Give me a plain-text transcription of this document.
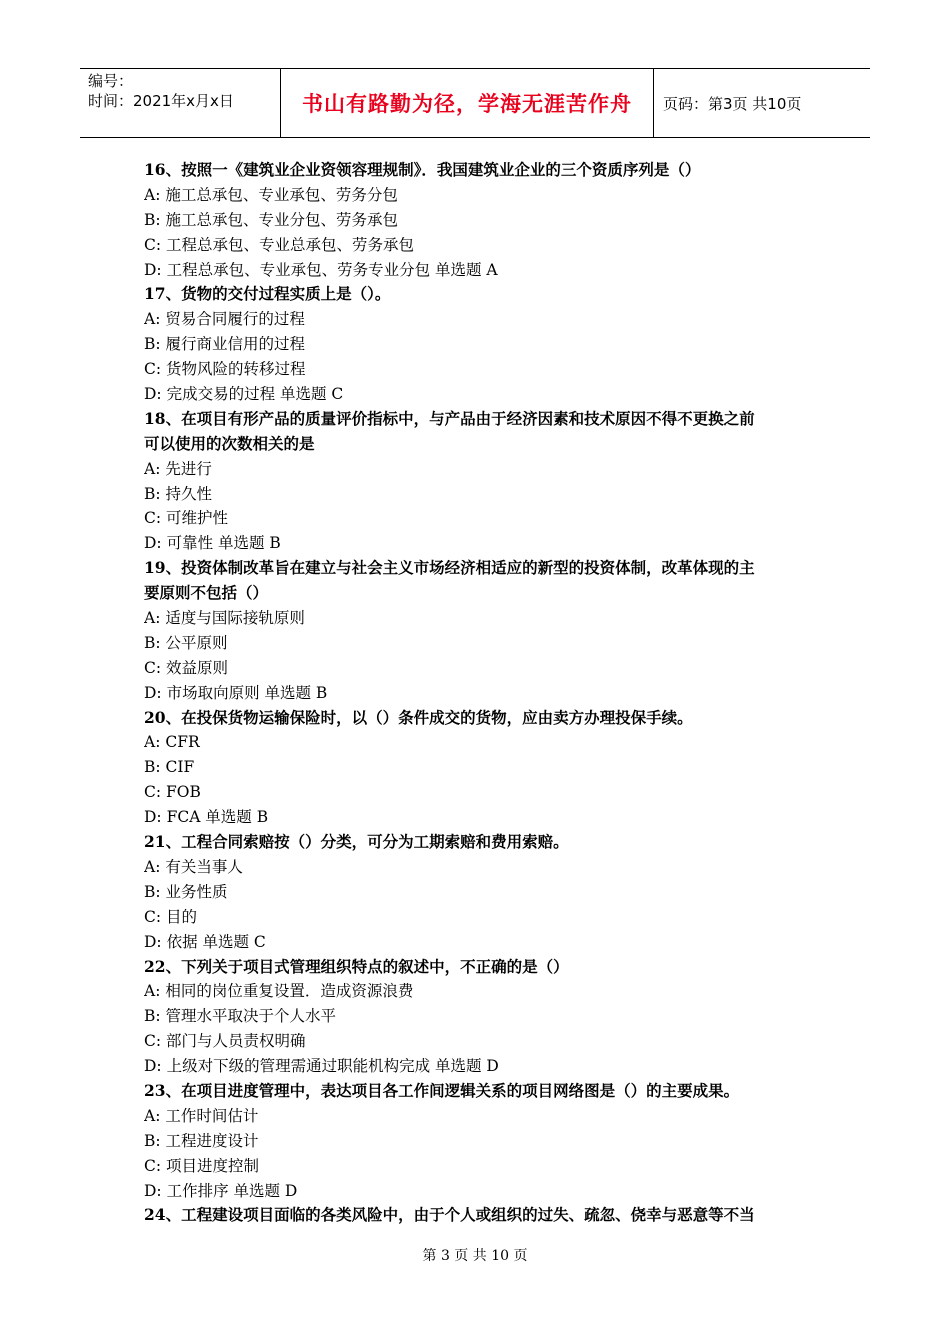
编号：
时间：2021年x月x日	书山有路勤为径，学海无涯苦作舟 页码：第3页 共10页
16、按照一《建筑业企业资领容理规制》．我国建筑业企业的三个资质序列是（）
A: 施工总承包、专业承包、劳务分包
B: 施工总承包、专业分包、劳务承包
C: 工程总承包、专业总承包、劳务承包
D: 工程总承包、专业承包、劳务专业分包 单选题 A
17、货物的交付过程实质上是（）。
A: 贸易合同履行的过程
B: 履行商业信用的过程
C: 货物风险的转移过程
D: 完成交易的过程 单选题 C
18、在项目有形产品的质量评价指标中，与产品由于经济因素和技术原因不得不更换之前
可以使用的次数相关的是
A: 先进行
B: 持久性
C: 可维护性
D: 可靠性 单选题 B
19、投资体制改革旨在建立与社会主义市场经济相适应的新型的投资体制，改革体现的主
要原则不包括（）
A: 适度与国际接轨原则
B: 公平原则
C: 效益原则
D: 市场取向原则 单选题 B
20、在投保货物运输保险时，以（）条件成交的货物，应由卖方办理投保手续。
A: CFR
B: CIF
C: FOB
D: FCA 单选题 B
21、工程合同索赔按（）分类，可分为工期索赔和费用索赔。
A: 有关当事人
B: 业务性质
C: 目的
D: 依据 单选题 C
22、下列关于项目式管理组织特点的叙述中，不正确的是（）
A: 相同的岗位重复设置．造成资源浪费
B: 管理水平取决于个人水平
C: 部门与人员责权明确
D: 上级对下级的管理需通过职能机构完成 单选题 D
23、在项目进度管理中，表达项目各工作间逻辑关系的项目网络图是（）的主要成果。
A: 工作时间估计
B: 工程进度设计
C: 项目进度控制
D: 工作排序 单选题 D
24、工程建设项目面临的各类风险中，由于个人或组织的过失、疏忽、侥幸与恶意等不当
第 3 页 共 10 页
